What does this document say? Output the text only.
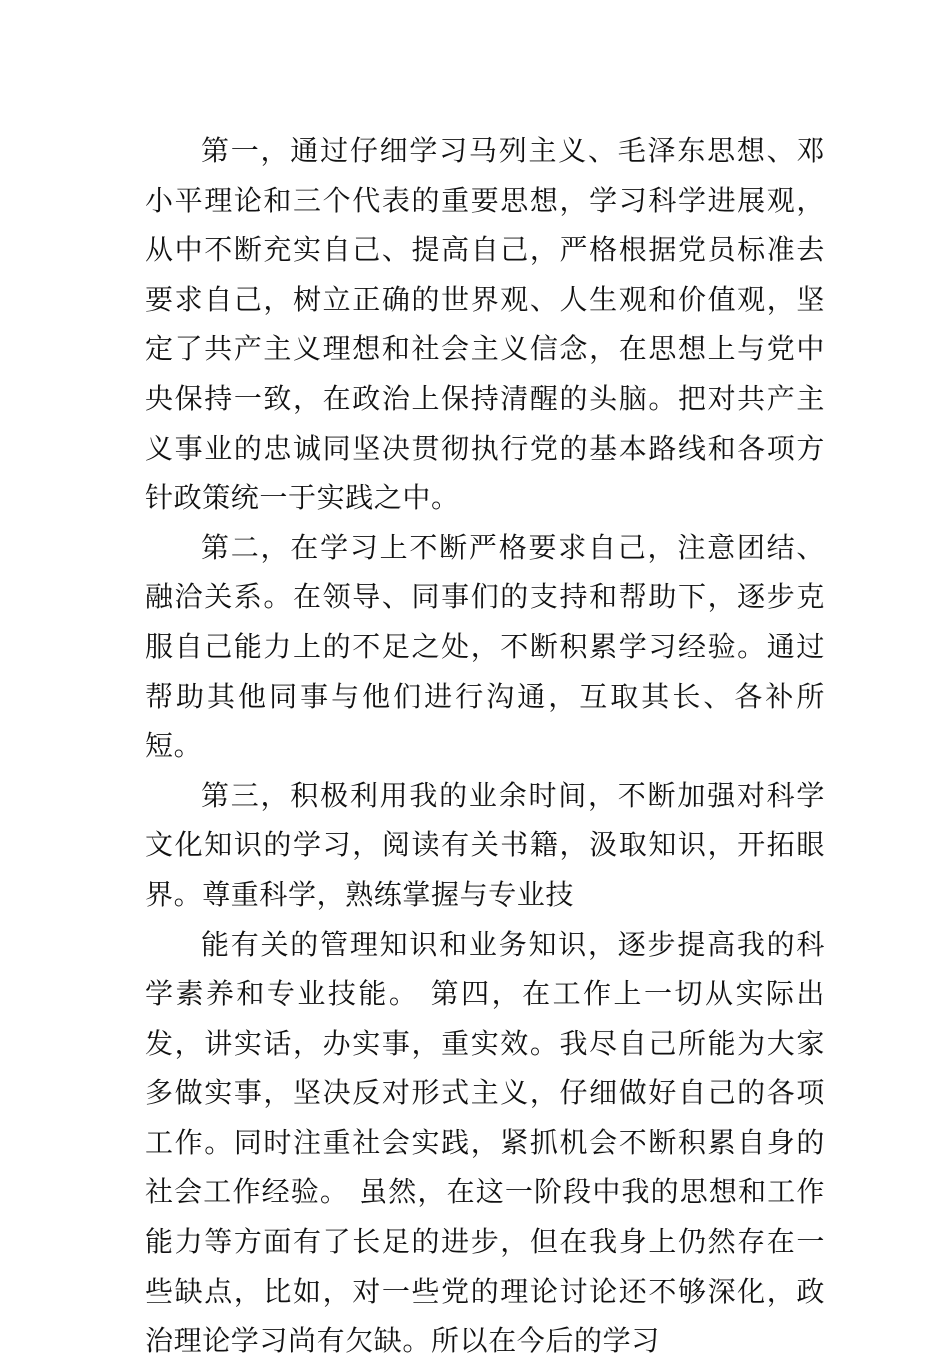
第一，通过仔细学习马列主义、毛泽东思想、邓小平理论和三个代表的重要思想，学习科学进展观，从中不断充实自己、提高自己，严格根据党员标准去要求自己，树立正确的世界观、人生观和价值观，坚定了共产主义理想和社会主义信念，在思想上与党中央保持一致，在政治上保持清醒的头脑。把对共产主义事业的忠诚同坚决贯彻执行党的基本路线和各项方针政策统一于实践之中。

第二，在学习上不断严格要求自己，注意团结、融洽关系。在领导、同事们的支持和帮助下，逐步克服自己能力上的不足之处，不断积累学习经验。通过帮助其他同事与他们进行沟通，互取其长、各补所短。

第三，积极利用我的业余时间，不断加强对科学文化知识的学习，阅读有关书籍，汲取知识，开拓眼界。尊重科学，熟练掌握与专业技

能有关的管理知识和业务知识，逐步提高我的科学素养和专业技能。 第四，在工作上一切从实际出发，讲实话，办实事，重实效。我尽自己所能为大家多做实事，坚决反对形式主义，仔细做好自己的各项工作。同时注重社会实践，紧抓机会不断积累自身的社会工作经验。 虽然，在这一阶段中我的思想和工作能力等方面有了长足的进步，但在我身上仍然存在一些缺点，比如，对一些党的理论讨论还不够深化，政治理论学习尚有欠缺。所以在今后的学习
